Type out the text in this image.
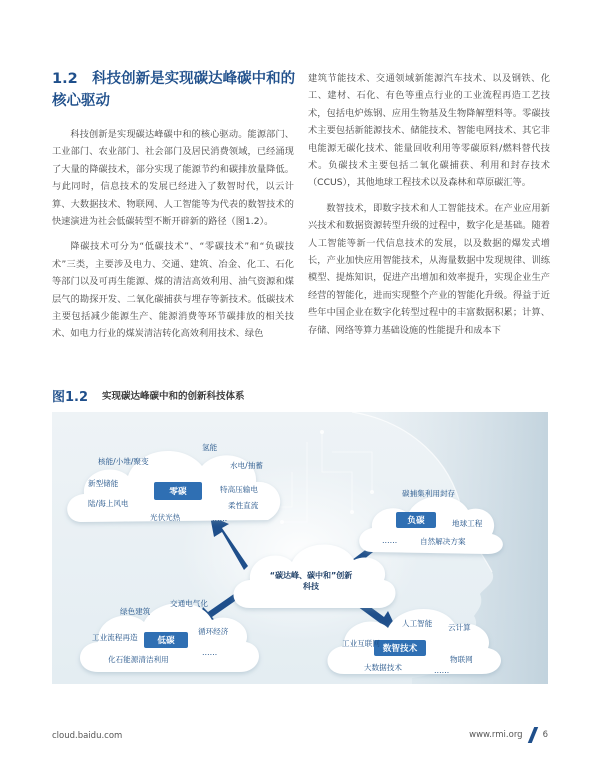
1.2　科技创新是实现碳达峰碳中和的核心驱动

科技创新是实现碳达峰碳中和的核心驱动。能源部门、工业部门、农业部门、社会部门及居民消费领域，已经涌现了大量的降碳技术，部分实现了能源节约和碳排放量降低。与此同时，信息技术的发展已经进入了数智时代，以云计算、大数据技术、物联网、人工智能等为代表的数智技术的快速演进为社会低碳转型不断开辟新的路径（图1.2）。

降碳技术可分为“低碳技术”、“零碳技术”和“负碳技术”三类，主要涉及电力、交通、建筑、冶金、化工、石化等部门以及可再生能源、煤的清洁高效利用、油气资源和煤层气的勘探开发、二氧化碳捕获与埋存等新技术。低碳技术主要包括减少能源生产、能源消费等环节碳排放的相关技术、如电力行业的煤炭清洁转化高效利用技术、绿色

建筑节能技术、交通领域新能源汽车技术、以及钢铁、化工、建材、石化、有色等重点行业的工业流程再造工艺技术，包括电炉炼钢、应用生物基及生物降解塑料等。零碳技术主要包括新能源技术、储能技术、智能电网技术、其它非电能源无碳化技术、能量回收利用等零碳原料/燃料替代技术。负碳技术主要包括二氧化碳捕获、利用和封存技术（CCUS），其他地球工程技术以及森林和草原碳汇等。

数智技术，即数字技术和人工智能技术。在产业应用新兴技术和数据资源转型升级的过程中，数字化是基础。随着人工智能等新一代信息技术的发展，以及数据的爆发式增长，产业加快应用智能技术，从海量数据中发现规律、训练模型、提炼知识，促进产出增加和效率提升，实现企业生产经营的智能化，进而实现整个产业的智能化升级。得益于近些年中国企业在数字化转型过程中的丰富数据积累；计算、存储、网络等算力基础设施的性能提升和成本下

图1.2 实现碳达峰碳中和的创新科技体系
“碳达峰、碳中和”创新科技
零碳
氢能
核能/小堆/聚变	水电/抽蓄
新型储能
特高压输电
陆/海上风电	柔性直流
光伏光热	……	负碳
碳捕集利用封存
地球工程
自然解决方案
……
低碳
交通电气化
绿色建筑
工业流程再造
循环经济
化石能源清洁利用
……	数智技术
人工智能 云计算
工业互联网
物联网
大数据技术	……
cloud.baidu.com	www.rmi.org 6
